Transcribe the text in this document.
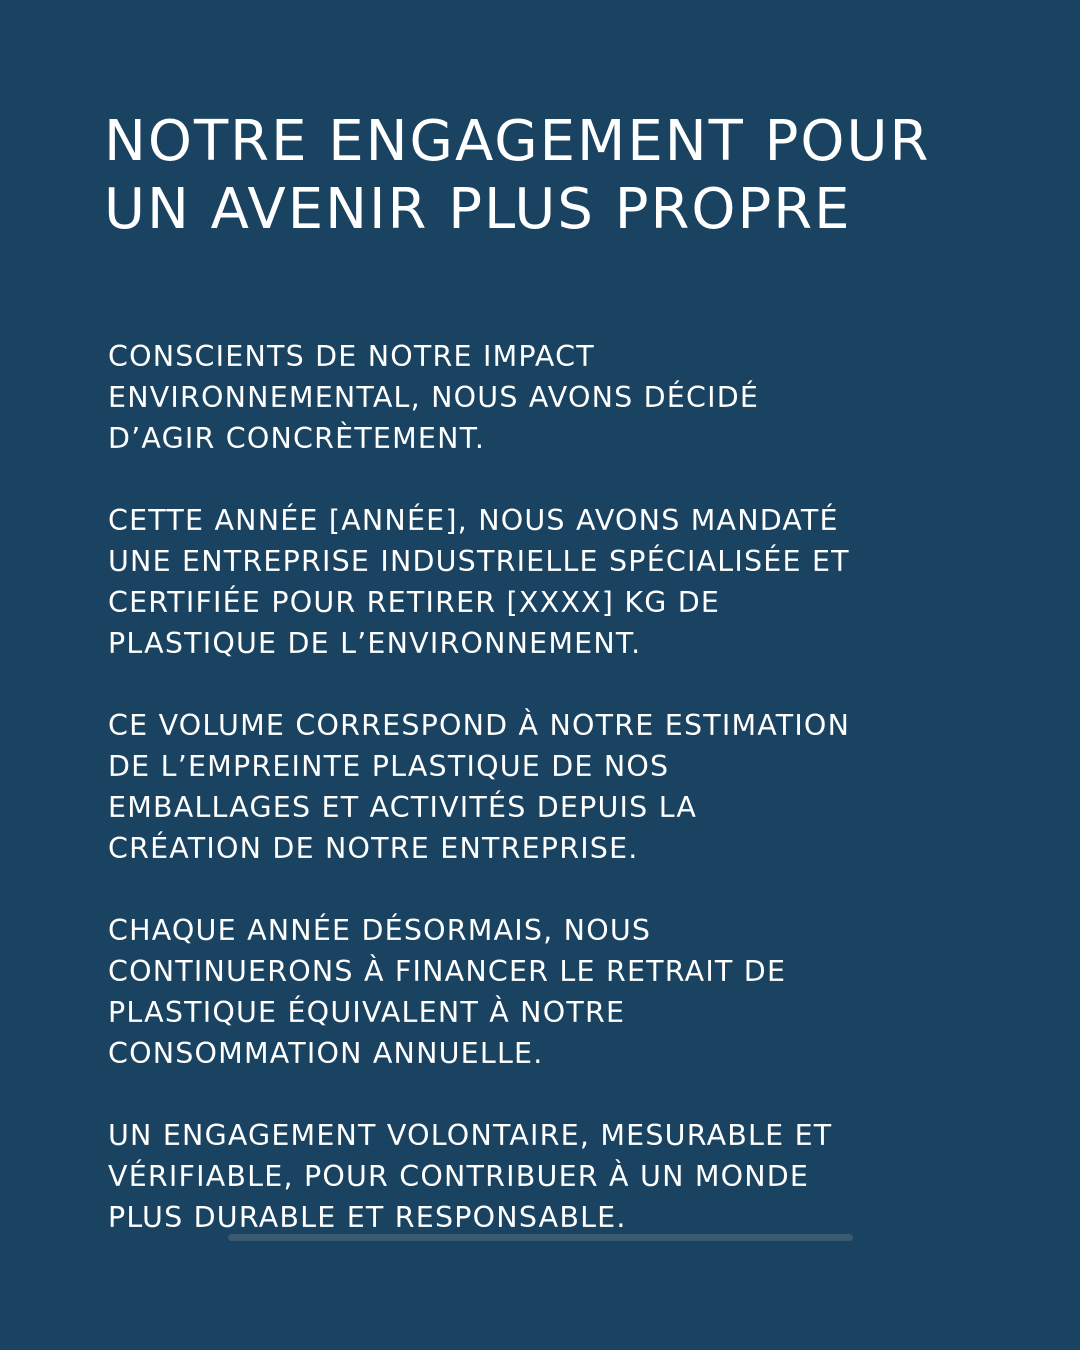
NOTRE ENGAGEMENT POUR
UN AVENIR PLUS PROPRE

CONSCIENTS DE NOTRE IMPACT
ENVIRONNEMENTAL, NOUS AVONS DÉCIDÉ
D’AGIR CONCRÈTEMENT.

CETTE ANNÉE [ANNÉE], NOUS AVONS MANDATÉ
UNE ENTREPRISE INDUSTRIELLE SPÉCIALISÉE ET
CERTIFIÉE POUR RETIRER [XXXX] KG DE
PLASTIQUE DE L’ENVIRONNEMENT.

CE VOLUME CORRESPOND À NOTRE ESTIMATION
DE L’EMPREINTE PLASTIQUE DE NOS
EMBALLAGES ET ACTIVITÉS DEPUIS LA
CRÉATION DE NOTRE ENTREPRISE.

CHAQUE ANNÉE DÉSORMAIS, NOUS
CONTINUERONS À FINANCER LE RETRAIT DE
PLASTIQUE ÉQUIVALENT À NOTRE
CONSOMMATION ANNUELLE.

UN ENGAGEMENT VOLONTAIRE, MESURABLE ET
VÉRIFIABLE, POUR CONTRIBUER À UN MONDE
PLUS DURABLE ET RESPONSABLE.
